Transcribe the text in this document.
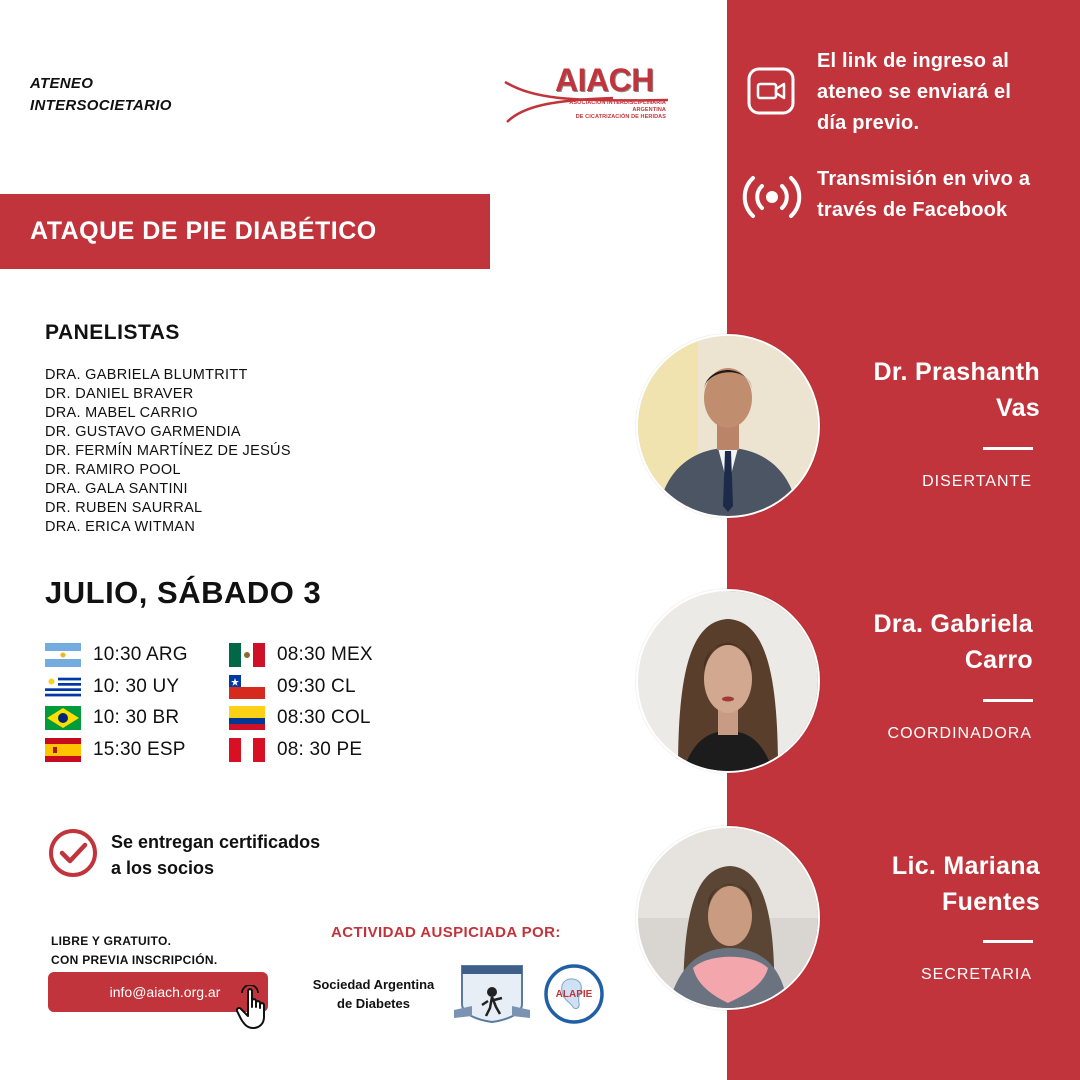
ATENEO
INTERSOCIETARIO
AIACH
ASOCIACIÓN INTERDISCIPLINARIA ARGENTINA
DE CICATRIZACIÓN DE HERIDAS
ATAQUE DE PIE DIABÉTICO
PANELISTAS
DRA. GABRIELA BLUMTRITT
DR. DANIEL BRAVER
DRA. MABEL CARRIO
DR. GUSTAVO GARMENDIA
DR. FERMÍN MARTÍNEZ DE JESÚS
DR. RAMIRO POOL
DRA. GALA SANTINI
DR. RUBEN SAURRAL
DRA. ERICA WITMAN
JULIO, SÁBADO 3
10:30 ARG
10: 30 UY
10: 30 BR
15:30 ESP
08:30 MEX
09:30 CL
08:30 COL
08: 30 PE
Se entregan certificados
a los socios
LIBRE Y GRATUITO.
CON PREVIA INSCRIPCIÓN.
info@aiach.org.ar
ACTIVIDAD AUSPICIADA POR:
Sociedad Argentina
de Diabetes
ALAPIE
El link de ingreso al
ateneo se enviará el
día previo.
Transmisión en vivo a
través de Facebook
Dr. Prashanth
Vas
DISERTANTE
Dra. Gabriela
Carro
COORDINADORA
Lic. Mariana
Fuentes
SECRETARIA
